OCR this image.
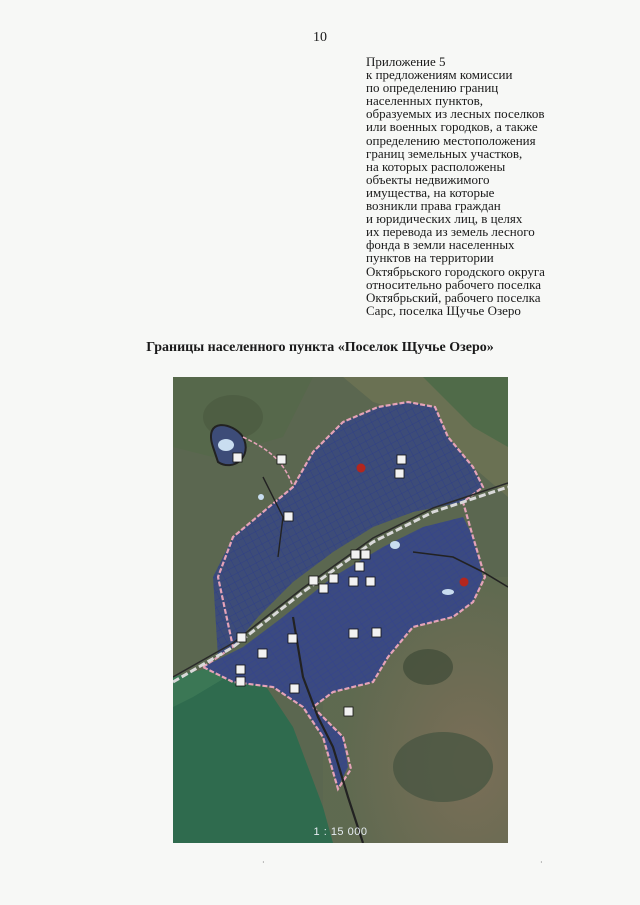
10
Приложение 5
к предложениям комиссии
по определению границ
населенных пунктов,
образуемых из лесных поселков
или военных городков, а также
определению местоположения
границ земельных участков,
на которых расположены
объекты недвижимого
имущества, на которые
возникли права граждан
и юридических лиц, в целях
их перевода из земель лесного
фонда в земли населенных
пунктов на территории
Октябрьского городского округа
относительно рабочего поселка
Октябрьский, рабочего поселка
Сарс, поселка Щучье Озеро
Границы населенного пункта «Поселок Щучье Озеро»
1 : 15 000
·	·
